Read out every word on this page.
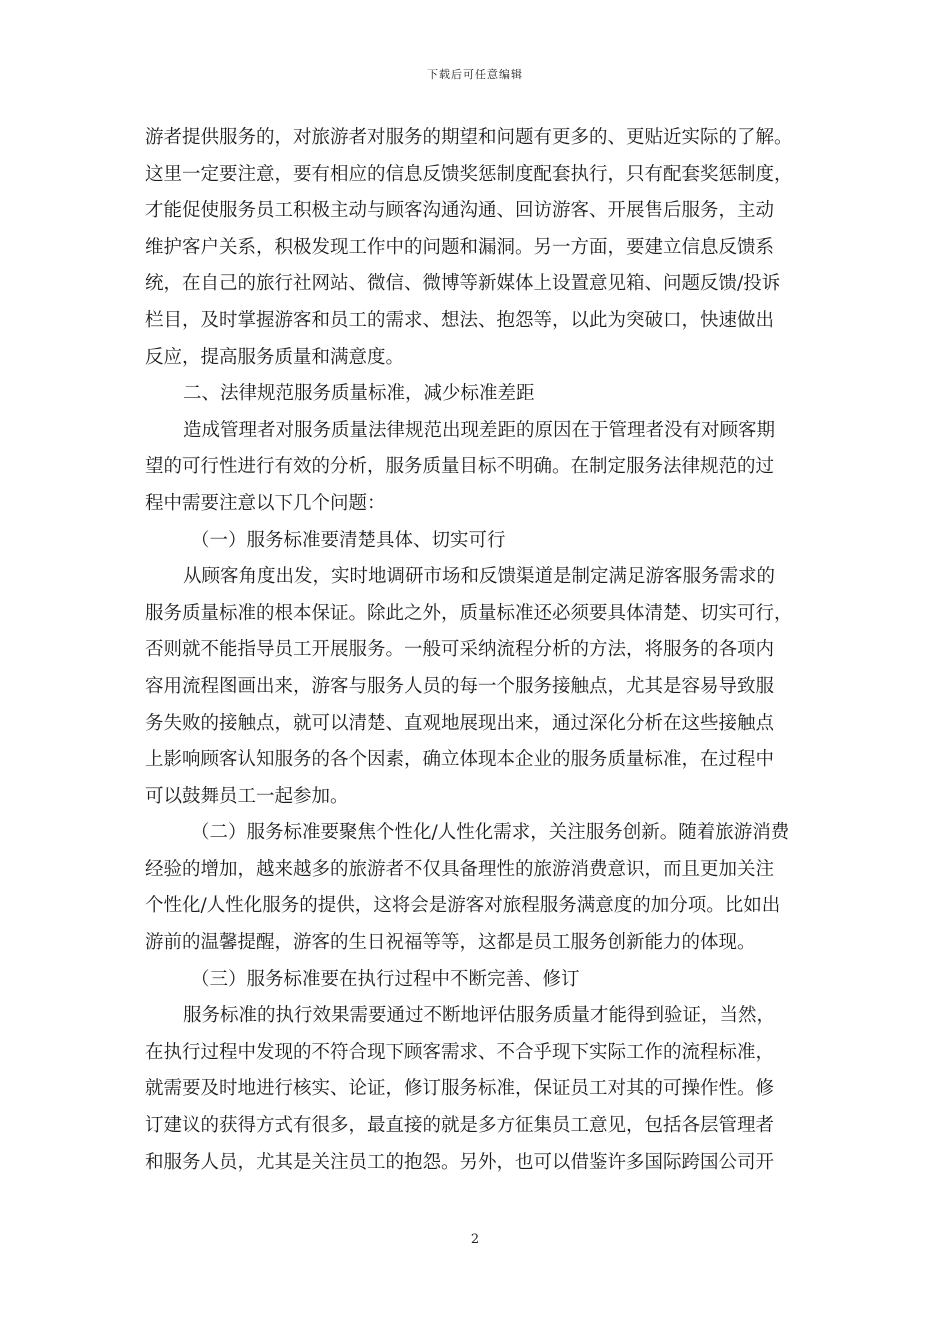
下载后可任意编辑
游者提供服务的，对旅游者对服务的期望和问题有更多的、更贴近实际的了解。
这里一定要注意，要有相应的信息反馈奖惩制度配套执行，只有配套奖惩制度，
才能促使服务员工积极主动与顾客沟通沟通、回访游客、开展售后服务，主动
维护客户关系，积极发现工作中的问题和漏洞。另一方面，要建立信息反馈系
统，在自己的旅行社网站、微信、微博等新媒体上设置意见箱、问题反馈/投诉
栏目，及时掌握游客和员工的需求、想法、抱怨等，以此为突破口，快速做出
反应，提高服务质量和满意度。
二、法律规范服务质量标准，减少标准差距
造成管理者对服务质量法律规范出现差距的原因在于管理者没有对顾客期
望的可行性进行有效的分析，服务质量目标不明确。在制定服务法律规范的过
程中需要注意以下几个问题：
（一）服务标准要清楚具体、切实可行
从顾客角度出发，实时地调研市场和反馈渠道是制定满足游客服务需求的
服务质量标准的根本保证。除此之外，质量标准还必须要具体清楚、切实可行，
否则就不能指导员工开展服务。一般可采纳流程分析的方法，将服务的各项内
容用流程图画出来，游客与服务人员的每一个服务接触点，尤其是容易导致服
务失败的接触点，就可以清楚、直观地展现出来，通过深化分析在这些接触点
上影响顾客认知服务的各个因素，确立体现本企业的服务质量标准，在过程中
可以鼓舞员工一起参加。
（二）服务标准要聚焦个性化/人性化需求，关注服务创新。随着旅游消费
经验的增加，越来越多的旅游者不仅具备理性的旅游消费意识，而且更加关注
个性化/人性化服务的提供，这将会是游客对旅程服务满意度的加分项。比如出
游前的温馨提醒，游客的生日祝福等等，这都是员工服务创新能力的体现。
（三）服务标准要在执行过程中不断完善、修订
服务标准的执行效果需要通过不断地评估服务质量才能得到验证，当然，
在执行过程中发现的不符合现下顾客需求、不合乎现下实际工作的流程标准，
就需要及时地进行核实、论证，修订服务标准，保证员工对其的可操作性。修
订建议的获得方式有很多，最直接的就是多方征集员工意见，包括各层管理者
和服务人员，尤其是关注员工的抱怨。另外，也可以借鉴许多国际跨国公司开
2
